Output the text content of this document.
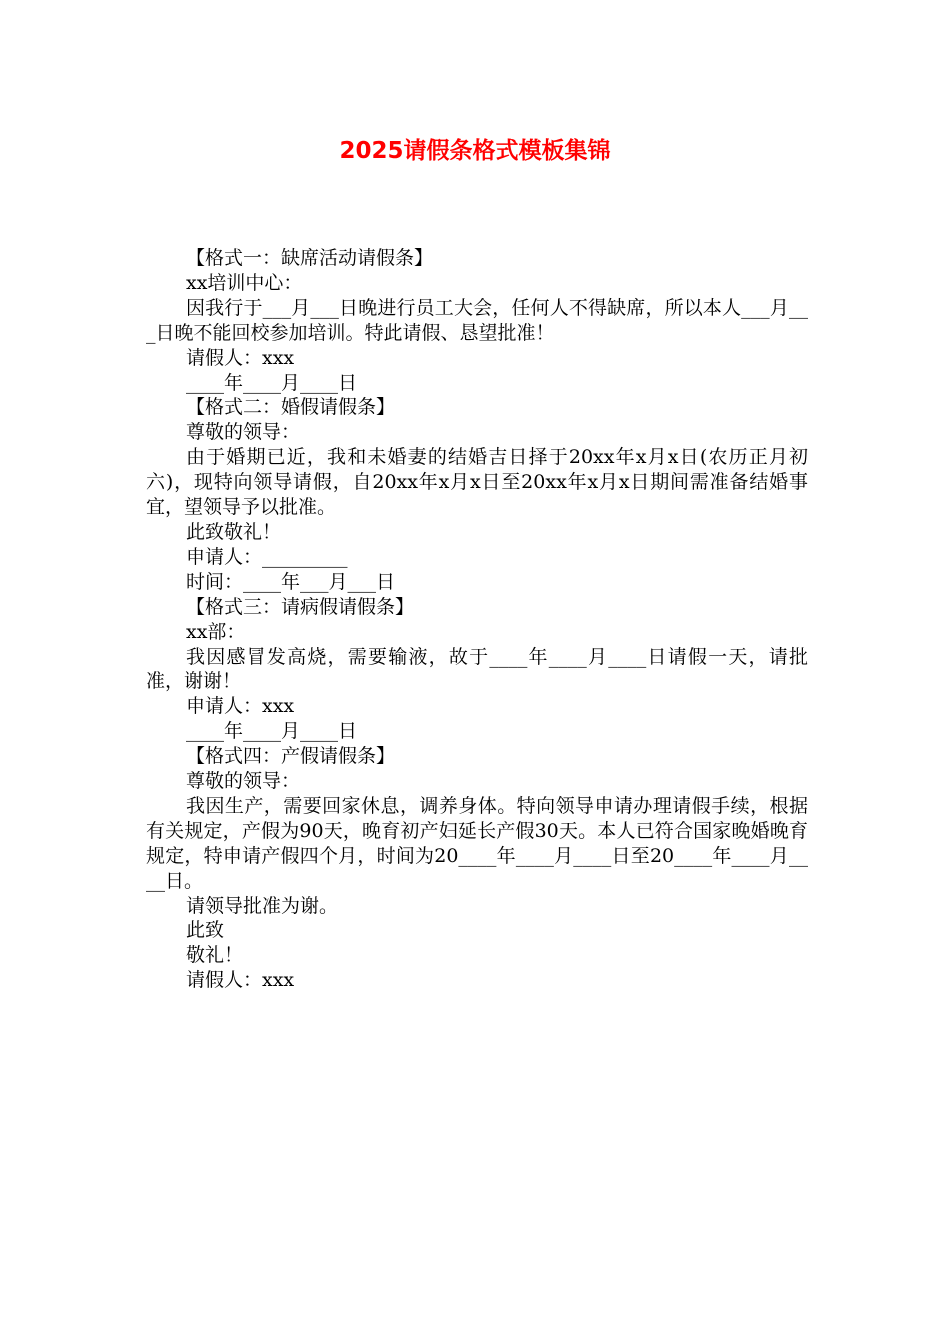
2025请假条格式模板集锦

【格式一：缺席活动请假条】

xx培训中心：

因我行于___月___日晚进行员工大会，任何人不得缺席，所以本人___月___日晚不能回校参加培训。特此请假、恳望批准！

请假人：xxx

____年____月____日

【格式二：婚假请假条】

尊敬的领导：

由于婚期已近，我和未婚妻的结婚吉日择于20xx年x月x日(农历正月初六)，现特向领导请假，自20xx年x月x日至20xx年x月x日期间需准备结婚事宜，望领导予以批准。

此致敬礼！

申请人：_________

时间：____年___月___日

【格式三：请病假请假条】

xx部：

我因感冒发高烧，需要输液，故于____年____月____日请假一天，请批准，谢谢！

申请人：xxx

____年____月____日

【格式四：产假请假条】

尊敬的领导：

我因生产，需要回家休息，调养身体。特向领导申请办理请假手续，根据有关规定，产假为90天，晚育初产妇延长产假30天。本人已符合国家晚婚晚育规定，特申请产假四个月，时间为20____年____月____日至20____年____月____日。

请领导批准为谢。

此致

敬礼！

请假人：xxx
